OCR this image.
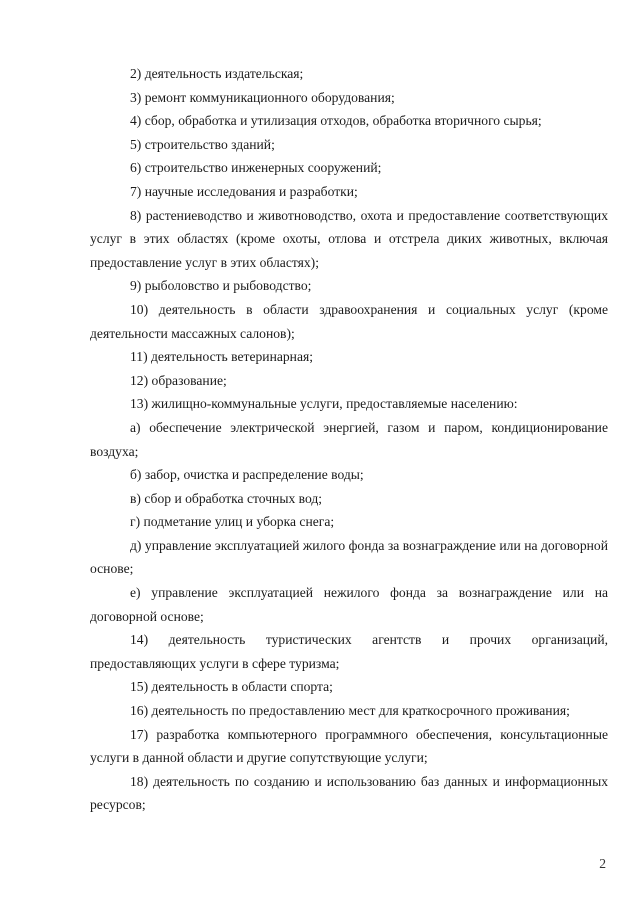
2) деятельность издательская;

3) ремонт коммуникационного оборудования;

4) сбор, обработка и утилизация отходов, обработка вторичного сырья;

5) строительство зданий;

6) строительство инженерных сооружений;

7) научные исследования и разработки;

8) растениеводство и животноводство, охота и предоставление соответствующих услуг в этих областях (кроме охоты, отлова и отстрела диких животных, включая предоставление услуг в этих областях);

9) рыболовство и рыбоводство;

10) деятельность в области здравоохранения и социальных услуг (кроме деятельности массажных салонов);

11) деятельность ветеринарная;

12) образование;

13) жилищно-коммунальные услуги, предоставляемые населению:

а) обеспечение электрической энергией, газом и паром, кондиционирование воздуха;

б) забор, очистка и распределение воды;

в) сбор и обработка сточных вод;

г) подметание улиц и уборка снега;

д) управление эксплуатацией жилого фонда за вознаграждение или на договорной основе;

е) управление эксплуатацией нежилого фонда за вознаграждение или на договорной основе;

14) деятельность туристических агентств и прочих организаций, предоставляющих услуги в сфере туризма;

15) деятельность в области спорта;

16) деятельность по предоставлению мест для краткосрочного проживания;

17) разработка компьютерного программного обеспечения, консультационные услуги в данной области и другие сопутствующие услуги;

18) деятельность по созданию и использованию баз данных и информационных ресурсов;

2
